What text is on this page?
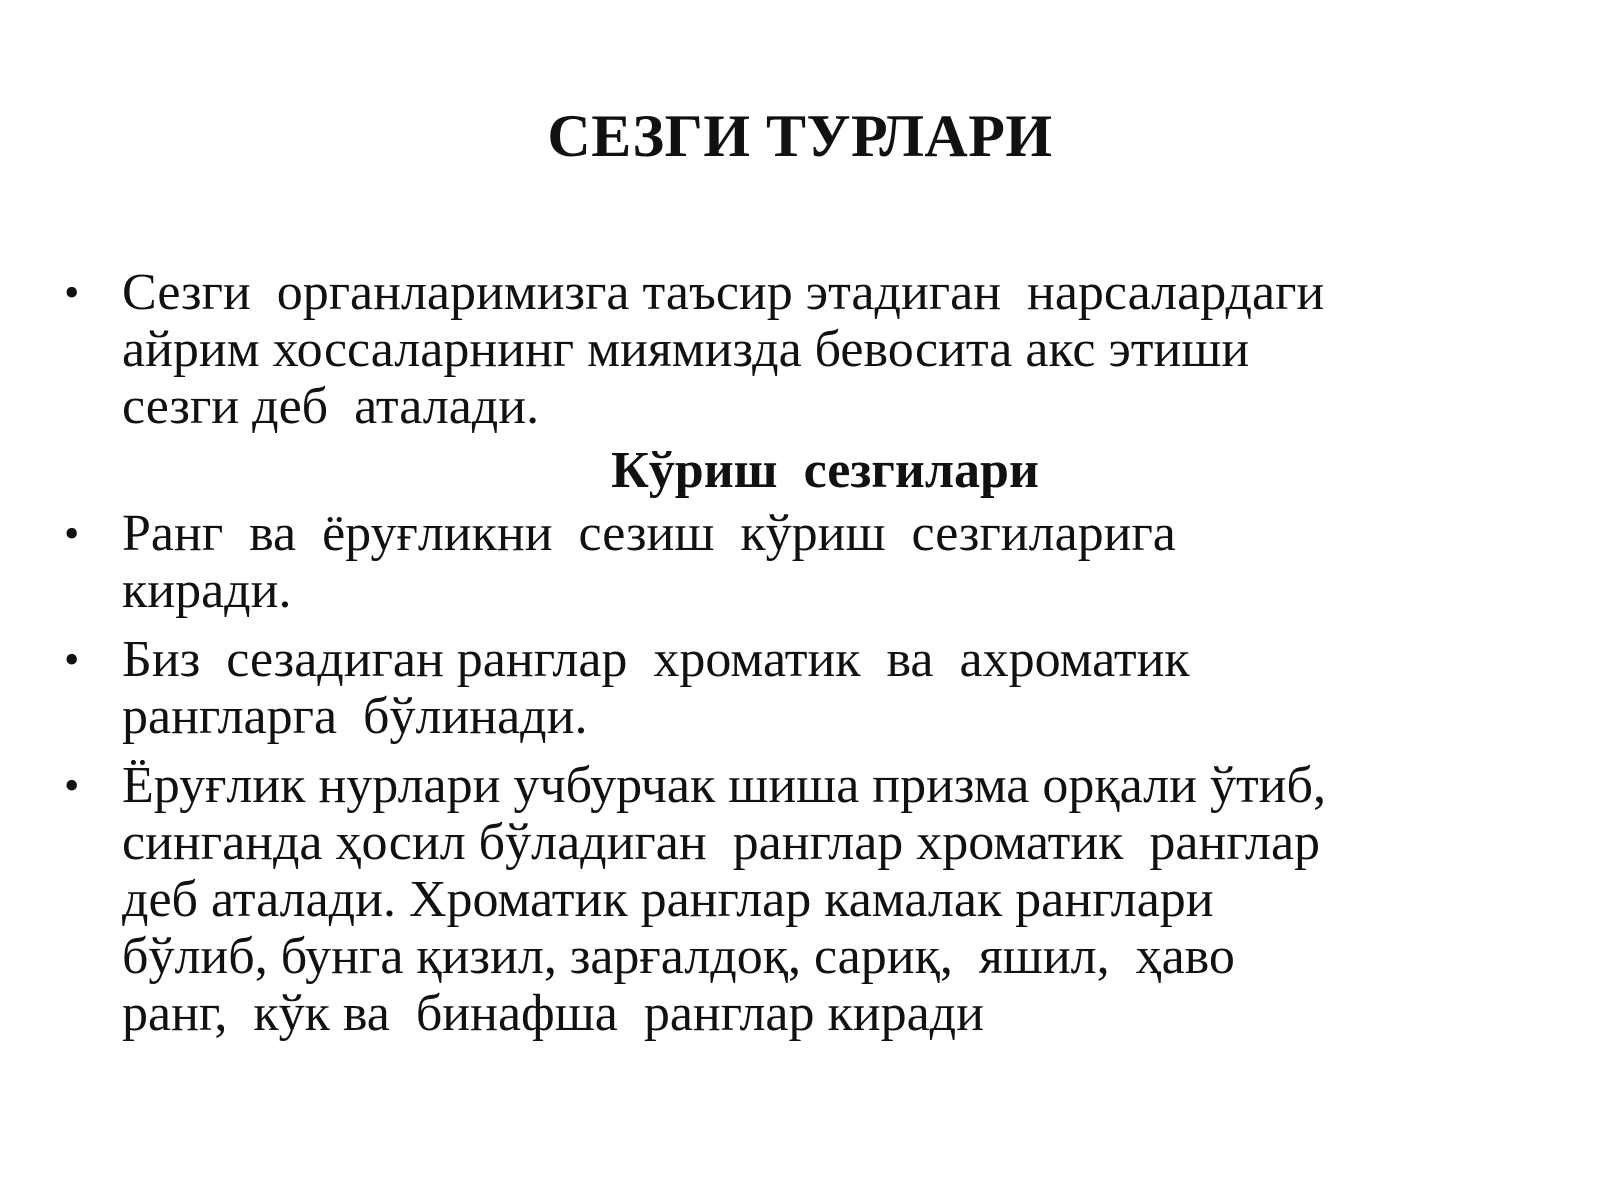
СЕЗГИ ТУРЛАРИ
• Сезги  органларимизга таъсир этадиган  нарсалардаги
айрим хоссаларнинг миямизда бевосита акс этиши
сезги деб  аталади.
Кўриш  сезгилари
• Ранг  ва  ёруғликни  сезиш  кўриш  сезгиларига
киради.
• Биз  сезадиган ранглар  хроматик  ва  ахроматик
рангларга  бўлинади.
• Ёруғлик нурлари учбурчак шиша призма орқали ўтиб,
синганда ҳосил бўладиган  ранглар хроматик  ранглар
деб аталади. Хроматик ранглар камалак ранглари
бўлиб, бунга қизил, зарғалдоқ, сариқ,  яшил,  ҳаво
ранг,  кўк ва  бинафша  ранглар киради
